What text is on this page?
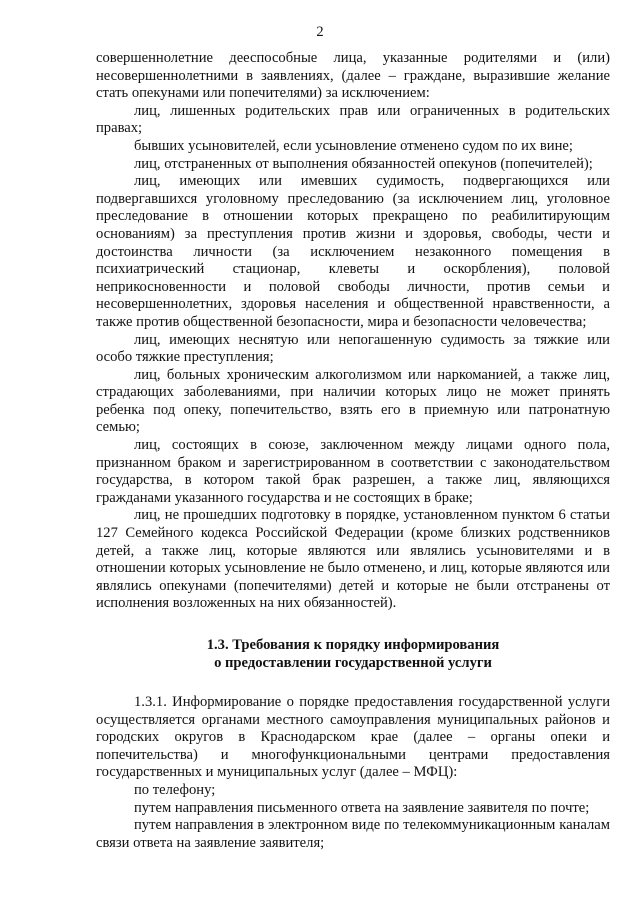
2

совершеннолетние дееспособные лица, указанные родителями и (или) несовершеннолетними в заявлениях, (далее – граждане, выразившие желание стать опекунами или попечителями) за исключением:

лиц, лишенных родительских прав или ограниченных в родительских правах;

бывших усыновителей, если усыновление отменено судом по их вине;

лиц, отстраненных от выполнения обязанностей опекунов (попечителей);

лиц, имеющих или имевших судимость, подвергающихся или подвергавшихся уголовному преследованию (за исключением лиц, уголовное преследование в отношении которых прекращено по реабилитирующим основаниям) за преступления против жизни и здоровья, свободы, чести и достоинства личности (за исключением незаконного помещения в психиатрический стационар, клеветы и оскорбления), половой неприкосновенности и половой свободы личности, против семьи и несовершеннолетних, здоровья населения и общественной нравственности, а также против общественной безопасности, мира и безопасности человечества;

лиц, имеющих неснятую или непогашенную судимость за тяжкие или особо тяжкие преступления;

лиц, больных хроническим алкоголизмом или наркоманией, а также лиц, страдающих заболеваниями, при наличии которых лицо не может принять ребенка под опеку, попечительство, взять его в приемную или патронатную семью;

лиц, состоящих в союзе, заключенном между лицами одного пола, признанном браком и зарегистрированном в соответствии с законодательством государства, в котором такой брак разрешен, а также лиц, являющихся гражданами указанного государства и не состоящих в браке;

лиц, не прошедших подготовку в порядке, установленном пунктом 6 статьи 127 Семейного кодекса Российской Федерации (кроме близких родственников детей, а также лиц, которые являются или являлись усыновителями и в отношении которых усыновление не было отменено, и лиц, которые являются или являлись опекунами (попечителями) детей и которые не были отстранены от исполнения возложенных на них обязанностей).

1.3. Требования к порядку информирования

о предоставлении государственной услуги

1.3.1. Информирование о порядке предоставления государственной услуги осуществляется органами местного самоуправления муниципальных районов и городских округов в Краснодарском крае (далее – органы опеки и попечительства) и многофункциональными центрами предоставления государственных и муниципальных услуг (далее – МФЦ):

по телефону;

путем направления письменного ответа на заявление заявителя по почте;

путем направления в электронном виде по телекоммуникационным каналам связи ответа на заявление заявителя;
